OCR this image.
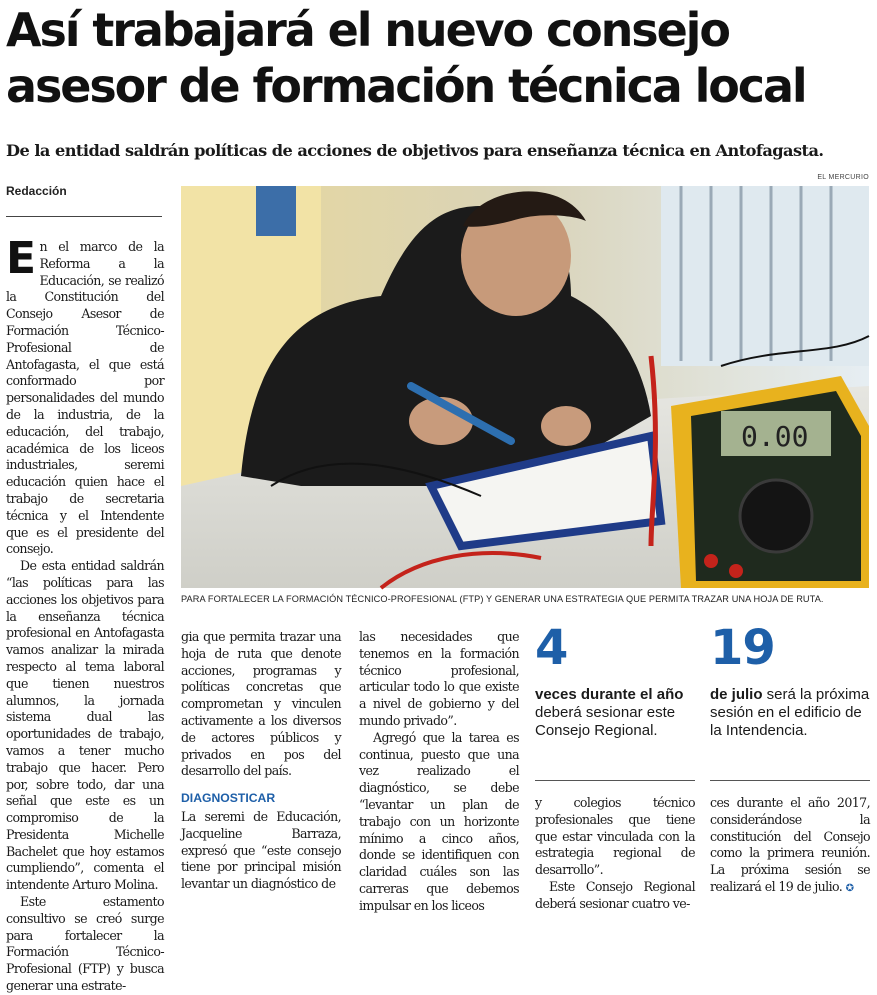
Así trabajará el nuevo consejo asesor de formación técnica local

De la entidad saldrán políticas de acciones de objetivos para enseñanza técnica en Antofagasta.

Redacción
EL MERCURIO
0.00
PARA FORTALECER LA FORMACIÓN TÉCNICO-PROFESIONAL (FTP) Y GENERAR UNA ESTRATEGIA QUE PERMITA TRAZAR UNA HOJA DE RUTA.

En el marco de la Reforma a la Educación, se realizó la Constitución del Consejo Asesor de Formación Técnico-Profesional de Antofagasta, el que está conformado por personalidades del mundo de la industria, de la educación, del trabajo, académica de los liceos industriales, seremi educación quien hace el trabajo de secretaria técnica y el Intendente que es el presidente del consejo.

De esta entidad saldrán “las políticas para las acciones los objetivos para la enseñanza técnica profesional en Antofagasta vamos analizar la mirada respecto al tema laboral que tienen nuestros alumnos, la jornada sistema dual las oportunidades de trabajo, vamos a tener mucho trabajo que hacer. Pero por, sobre todo, dar una señal que este es un compromiso de la Presidenta Michelle Bachelet que hoy estamos cumpliendo”, comenta el intendente Arturo Molina.

Este estamento consultivo se creó surge para fortalecer la Formación Técnico-Profesional (FTP) y busca generar una estrate-

gia que permita trazar una hoja de ruta que denote acciones, programas y políticas concretas que comprometan y vinculen activamente a los diversos de actores públicos y privados en pos del desarrollo del país.

DIAGNOSTICAR

La seremi de Educación, Jacqueline Barraza, expresó que “este consejo tiene por principal misión levantar un diagnóstico de

las necesidades que tenemos en la formación técnico profesional, articular todo lo que existe a nivel de gobierno y del mundo privado”.

Agregó que la tarea es continua, puesto que una vez realizado el diagnóstico, se debe “levantar un plan de trabajo con un horizonte mínimo a cinco años, donde se identifiquen con claridad cuáles son las carreras que debemos impulsar en los liceos

4
veces durante el año
deberá sesionar este Consejo Regional.
19
de julio será la próxima sesión en el edificio de la Intendencia.

y colegios técnico profesionales que tiene que estar vinculada con la estrategia regional de desarrollo”.

Este Consejo Regional deberá sesionar cuatro ve-

ces durante el año 2017, considerándose la constitución del Consejo como la primera reunión. La próxima sesión se realizará el 19 de julio. ✪
